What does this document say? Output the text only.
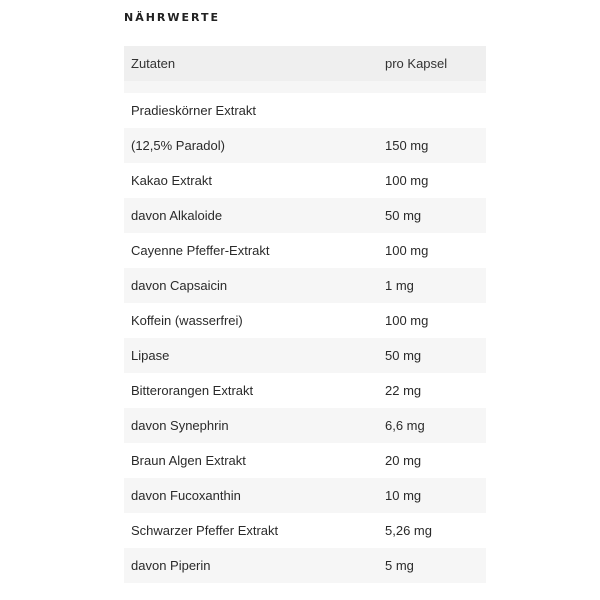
NÄHRWERTE
Zutaten	pro Kapsel
Pradieskörner Extrakt
(12,5% Paradol)	150 mg
Kakao Extrakt	100 mg
davon Alkaloide	50 mg
Cayenne Pfeffer-Extrakt	100 mg
davon Capsaicin	1 mg
Koffein (wasserfrei)	100 mg
Lipase	50 mg
Bitterorangen Extrakt	22 mg
davon Synephrin	6,6 mg
Braun Algen Extrakt	20 mg
davon Fucoxanthin	10 mg
Schwarzer Pfeffer Extrakt	5,26 mg
davon Piperin	5 mg
